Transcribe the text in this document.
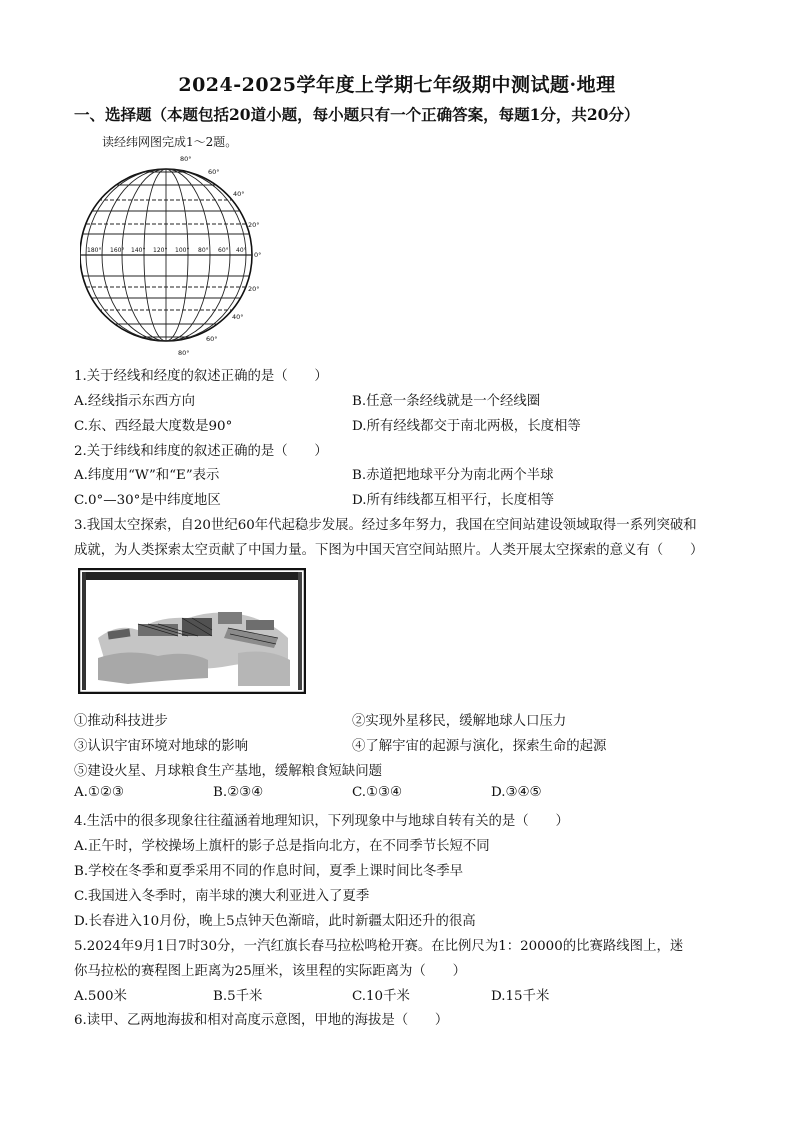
2024-2025学年度上学期七年级期中测试题·地理
一、选择题（本题包括20道小题，每小题只有一个正确答案，每题1分，共20分）
读经纬网图完成1～2题。
80°
60°
40°
20°
0°
20°
40°
60°
80°
180° 160° 140° 120° 100° 80° 60° 40°
1.关于经线和经度的叙述正确的是（　　）
A.经线指示东西方向	B.任意一条经线就是一个经线圈
C.东、西经最大度数是90°	D.所有经线都交于南北两极，长度相等
2.关于纬线和纬度的叙述正确的是（　　）
A.纬度用“W”和“E”表示	B.赤道把地球平分为南北两个半球
C.0°—30°是中纬度地区	D.所有纬线都互相平行，长度相等
3.我国太空探索，自20世纪60年代起稳步发展。经过多年努力，我国在空间站建设领域取得一系列突破和
成就，为人类探索太空贡献了中国力量。下图为中国天宫空间站照片。人类开展太空探索的意义有（　　）
①推动科技进步	②实现外星移民，缓解地球人口压力
③认识宇宙环境对地球的影响	④了解宇宙的起源与演化，探索生命的起源
⑤建设火星、月球粮食生产基地，缓解粮食短缺问题
A.①②③	B.②③④	C.①③④	D.③④⑤
4.生活中的很多现象往往蕴涵着地理知识，下列现象中与地球自转有关的是（　　）
A.正午时，学校操场上旗杆的影子总是指向北方，在不同季节长短不同
B.学校在冬季和夏季采用不同的作息时间，夏季上课时间比冬季早
C.我国进入冬季时，南半球的澳大利亚进入了夏季
D.长春进入10月份，晚上5点钟天色渐暗，此时新疆太阳还升的很高
5.2024年9月1日7时30分，一汽红旗长春马拉松鸣枪开赛。在比例尺为1：20000的比赛路线图上，迷
你马拉松的赛程图上距离为25厘米，该里程的实际距离为（　　）
A.500米	B.5千米	C.10千米	D.15千米
6.读甲、乙两地海拔和相对高度示意图，甲地的海拔是（　　）
